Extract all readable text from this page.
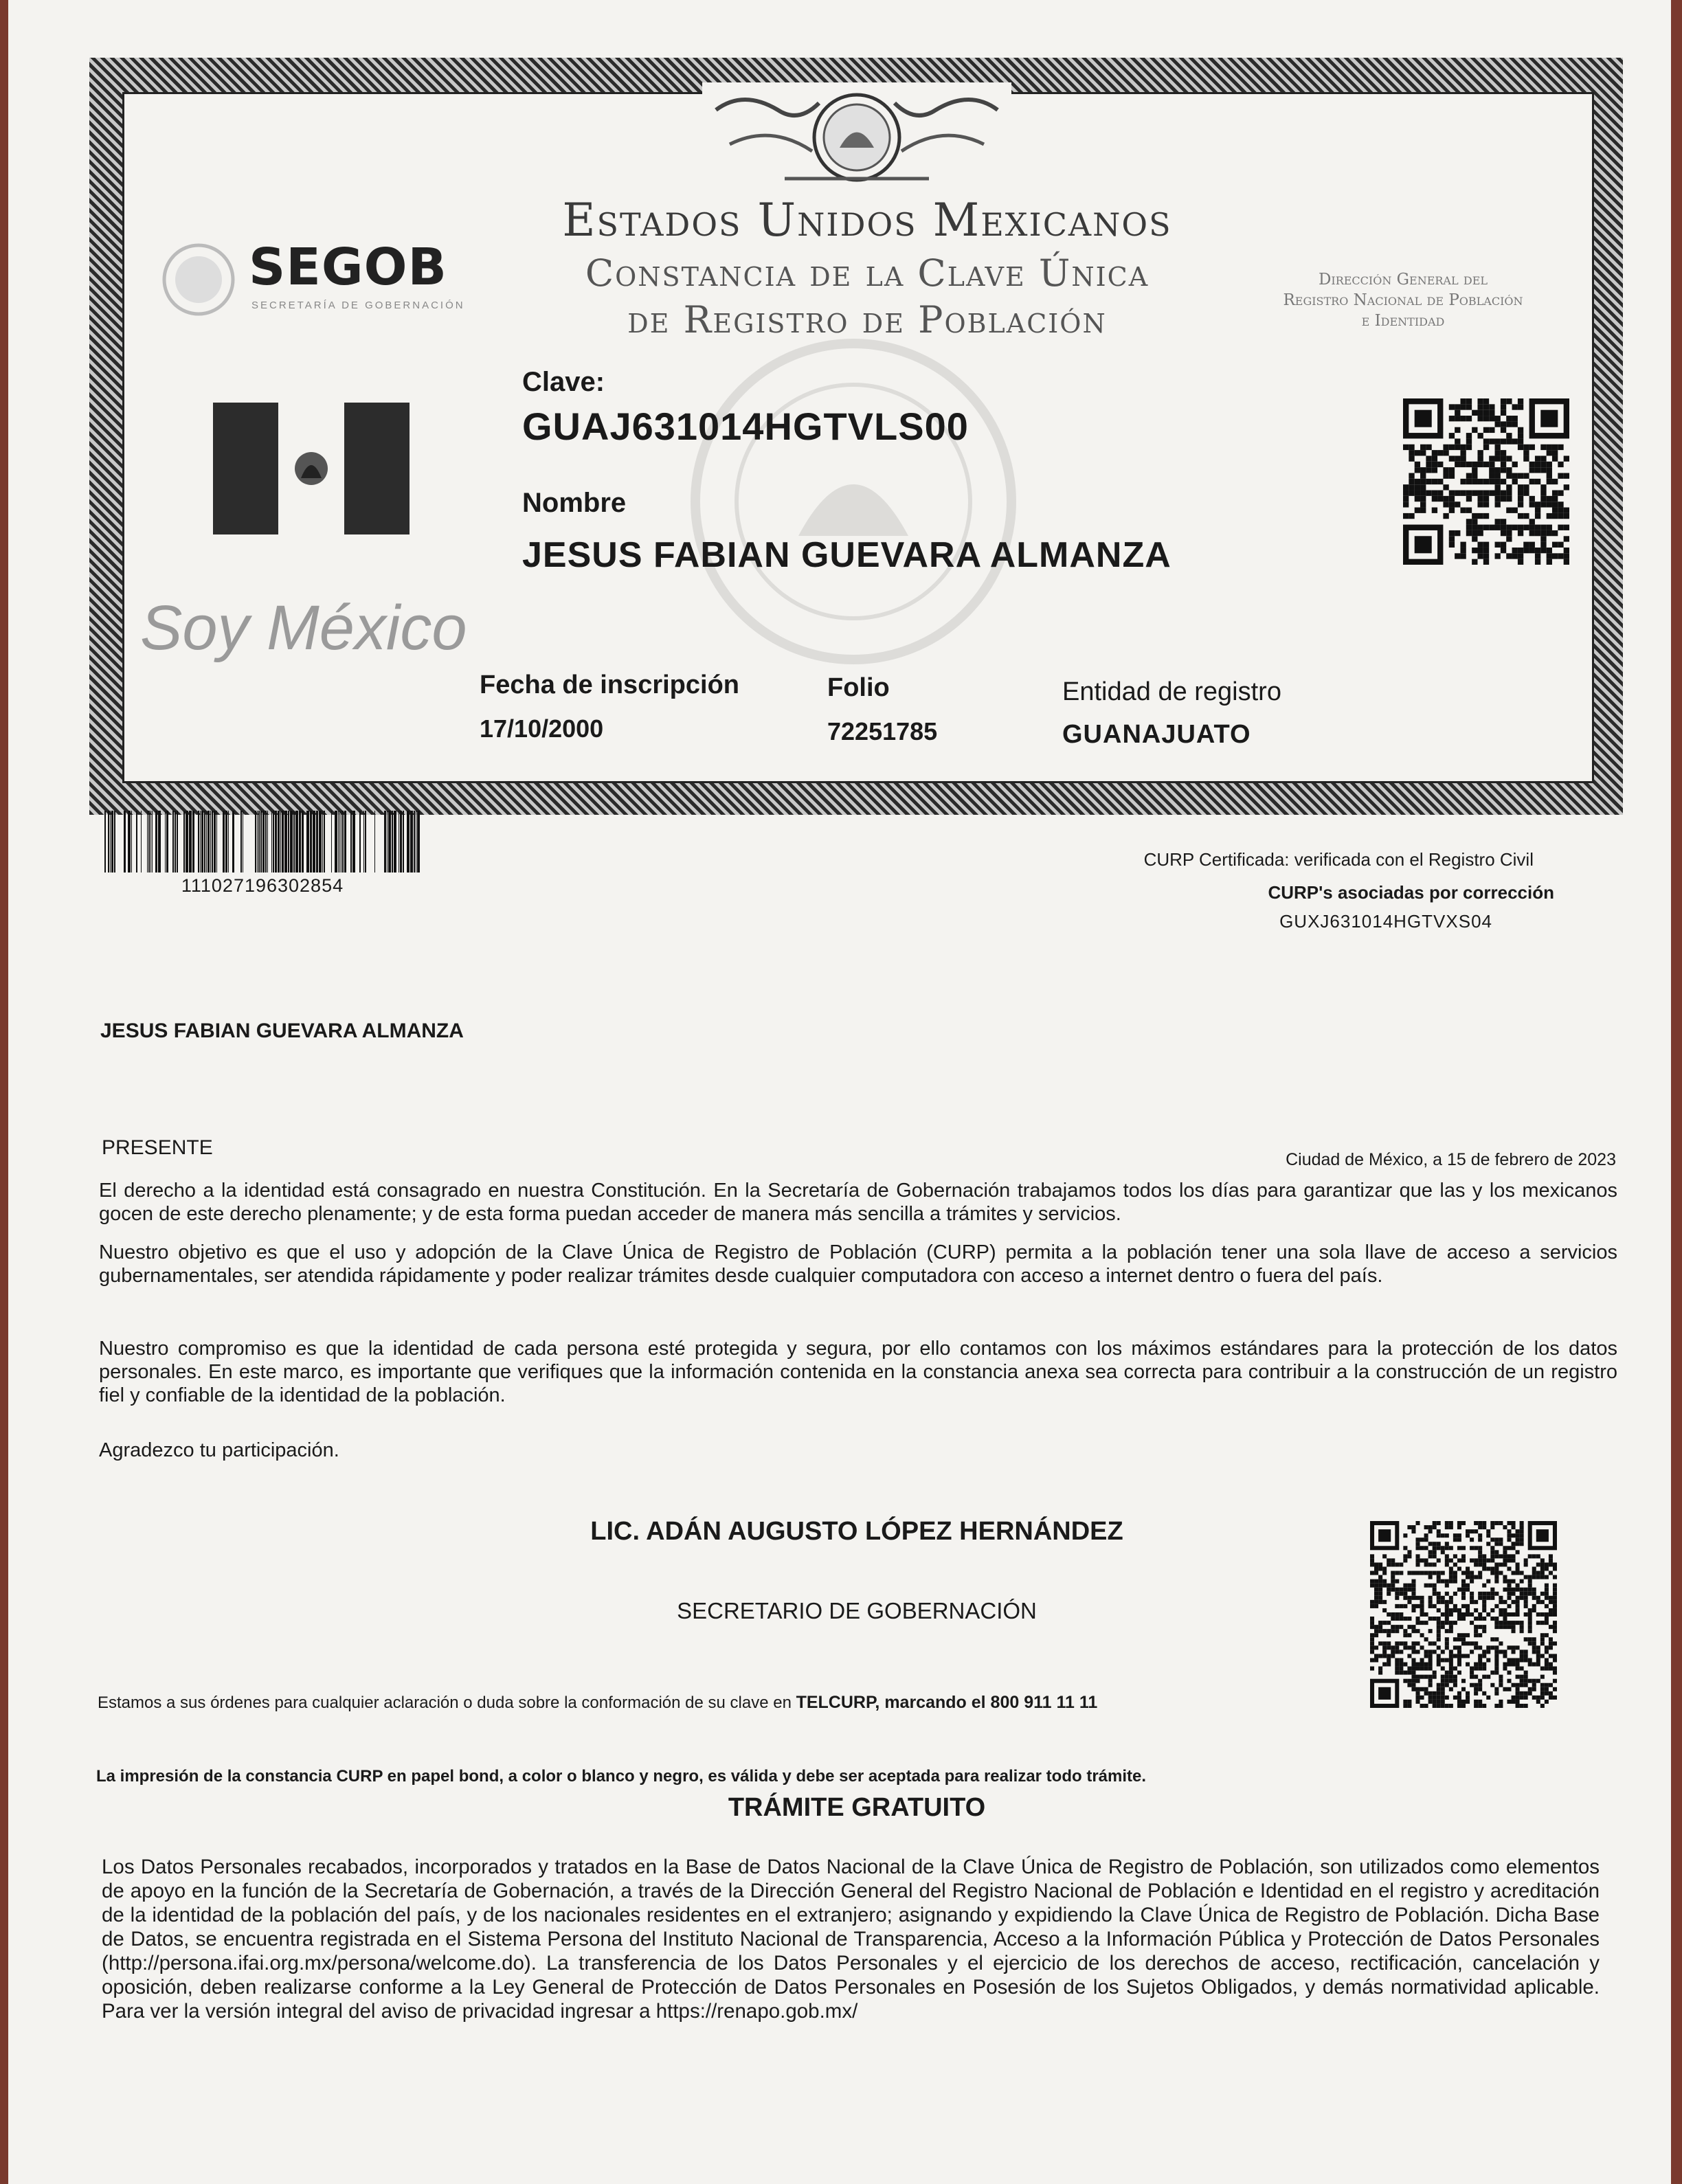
Estados Unidos Mexicanos
Constancia de la Clave Única
de Registro de Población
SEGOB
SECRETARÍA DE GOBERNACIÓN
Dirección General del
Registro Nacional de Población
e Identidad
Soy México
Clave:
GUAJ631014HGTVLS00
Nombre
JESUS FABIAN GUEVARA ALMANZA
Fecha de inscripción
17/10/2000
Folio
72251785
Entidad de registro
GUANAJUATO
111027196302854
CURP Certificada: verificada con el Registro Civil
CURP's asociadas por corrección
GUXJ631014HGTVXS04
JESUS FABIAN GUEVARA ALMANZA
PRESENTE
Ciudad de México, a 15 de febrero de 2023
El derecho a la identidad está consagrado en nuestra Constitución. En la Secretaría de Gobernación trabajamos todos los días para garantizar que las y los mexicanos gocen de este derecho plenamente; y de esta forma puedan acceder de manera más sencilla a trámites y servicios.
Nuestro objetivo es que el uso y adopción de la Clave Única de Registro de Población (CURP) permita a la población tener una sola llave de acceso a servicios gubernamentales, ser atendida rápidamente y poder realizar trámites desde cualquier computadora con acceso a internet dentro o fuera del país.
Nuestro compromiso es que la identidad de cada persona esté protegida y segura, por ello contamos con los máximos estándares para la protección de los datos personales. En este marco, es importante que verifiques que la información contenida en la constancia anexa sea correcta para contribuir a la construcción de un registro fiel y confiable de la identidad de la población.
Agradezco tu participación.
LIC. ADÁN AUGUSTO LÓPEZ HERNÁNDEZ
SECRETARIO DE GOBERNACIÓN
Estamos a sus órdenes para cualquier aclaración o duda sobre la conformación de su clave en TELCURP, marcando el 800 911 11 11
La impresión de la constancia CURP en papel bond, a color o blanco y negro, es válida y debe ser aceptada para realizar todo trámite.
TRÁMITE GRATUITO
Los Datos Personales recabados, incorporados y tratados en la Base de Datos Nacional de la Clave Única de Registro de Población, son utilizados como elementos de apoyo en la función de la Secretaría de Gobernación, a través de la Dirección General del Registro Nacional de Población e Identidad en el registro y acreditación de la identidad de la población del país, y de los nacionales residentes en el extranjero; asignando y expidiendo la Clave Única de Registro de Población. Dicha Base de Datos, se encuentra registrada en el Sistema Persona del Instituto Nacional de Transparencia, Acceso a la Información Pública y Protección de Datos Personales (http://persona.ifai.org.mx/persona/welcome.do). La transferencia de los Datos Personales y el ejercicio de los derechos de acceso, rectificación, cancelación y oposición, deben realizarse conforme a la Ley General de Protección de Datos Personales en Posesión de los Sujetos Obligados, y demás normatividad aplicable. Para ver la versión integral del aviso de privacidad ingresar a https://renapo.gob.mx/
